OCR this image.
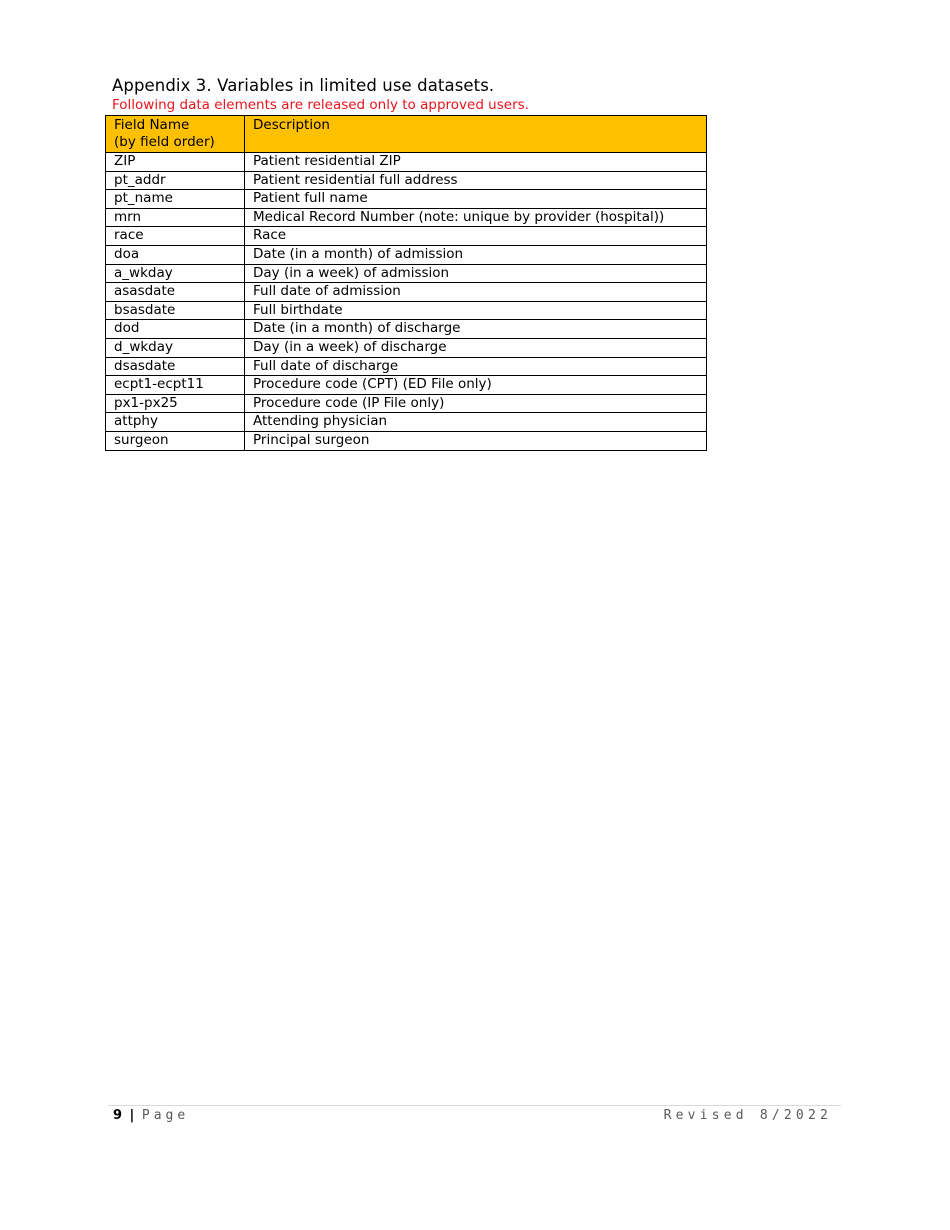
Appendix 3. Variables in limited use datasets.
Following data elements are released only to approved users.
Field Name
(by field order)	Description
ZIP	Patient residential ZIP
pt_addr	Patient residential full address
pt_name	Patient full name
mrn	Medical Record Number (note: unique by provider (hospital))
race	Race
doa	Date (in a month) of admission
a_wkday	Day (in a week) of admission
asasdate	Full date of admission
bsasdate	Full birthdate
dod	Date (in a month) of discharge
d_wkday	Day (in a week) of discharge
dsasdate	Full date of discharge
ecpt1-ecpt11	Procedure code (CPT) (ED File only)
px1-px25	Procedure code (IP File only)
attphy	Attending physician
surgeon	Principal surgeon
9 | Page	Revised 8/2022
